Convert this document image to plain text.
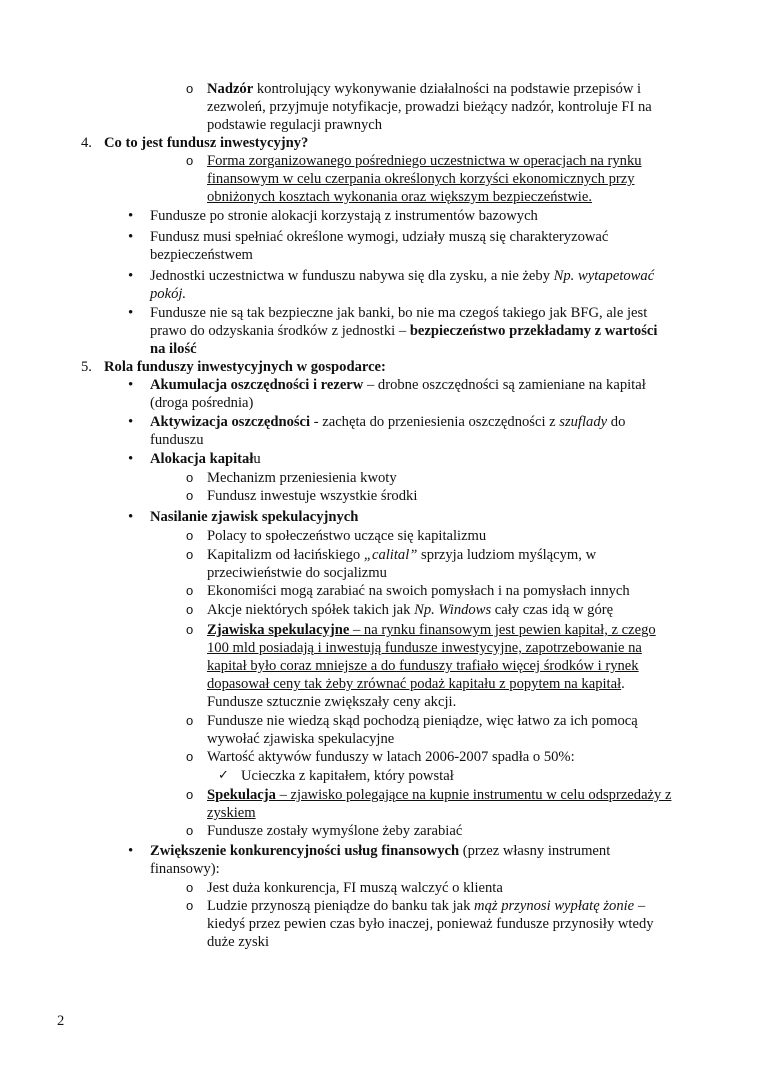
o Nadzór kontrolujący wykonywanie działalności na podstawie przepisów i
zezwoleń, przyjmuje notyfikacje, prowadzi bieżący nadzór, kontroluje FI na
podstawie regulacji prawnych
4. Co to jest fundusz inwestycyjny?
o Forma zorganizowanego pośredniego uczestnictwa w operacjach na rynku
finansowym w celu czerpania określonych korzyści ekonomicznych przy
obniżonych kosztach wykonania oraz większym bezpieczeństwie.
• Fundusze po stronie alokacji korzystają z instrumentów bazowych
• Fundusz musi spełniać określone wymogi, udziały muszą się charakteryzować
bezpieczeństwem
• Jednostki uczestnictwa w funduszu nabywa się dla zysku, a nie żeby Np. wytapetować
pokój.
• Fundusze nie są tak bezpieczne jak banki, bo nie ma czegoś takiego jak BFG, ale jest
prawo do odzyskania środków z jednostki – bezpieczeństwo przekładamy z wartości
na ilość
5. Rola funduszy inwestycyjnych w gospodarce:
• Akumulacja oszczędności i rezerw – drobne oszczędności są zamieniane na kapitał
(droga pośrednia)
• Aktywizacja oszczędności - zachęta do przeniesienia oszczędności z szuflady do
funduszu
• Alokacja kapitału
o Mechanizm przeniesienia kwoty
o Fundusz inwestuje wszystkie środki
• Nasilanie zjawisk spekulacyjnych
o Polacy to społeczeństwo uczące się kapitalizmu
o Kapitalizm od łacińskiego „calital” sprzyja ludziom myślącym, w
przeciwieństwie do socjalizmu
o Ekonomiści mogą zarabiać na swoich pomysłach i na pomysłach innych
o Akcje niektórych spółek takich jak Np. Windows cały czas idą w górę
o Zjawiska spekulacyjne – na rynku finansowym jest pewien kapitał, z czego
100 mld posiadają i inwestują fundusze inwestycyjne, zapotrzebowanie na
kapitał było coraz mniejsze a do funduszy trafiało więcej środków i rynek
dopasował ceny tak żeby zrównać podaż kapitału z popytem na kapitał.
Fundusze sztucznie zwiększały ceny akcji.
o Fundusze nie wiedzą skąd pochodzą pieniądze, więc łatwo za ich pomocą
wywołać zjawiska spekulacyjne
o Wartość aktywów funduszy w latach 2006-2007 spadła o 50%:
✓ Ucieczka z kapitałem, który powstał
o Spekulacja – zjawisko polegające na kupnie instrumentu w celu odsprzedaży z
zyskiem
o Fundusze zostały wymyślone żeby zarabiać
• Zwiększenie konkurencyjności usług finansowych (przez własny instrument
finansowy):
o Jest duża konkurencja, FI muszą walczyć o klienta
o Ludzie przynoszą pieniądze do banku tak jak mąż przynosi wypłatę żonie –
kiedyś przez pewien czas było inaczej, ponieważ fundusze przynosiły wtedy
duże zyski
2
